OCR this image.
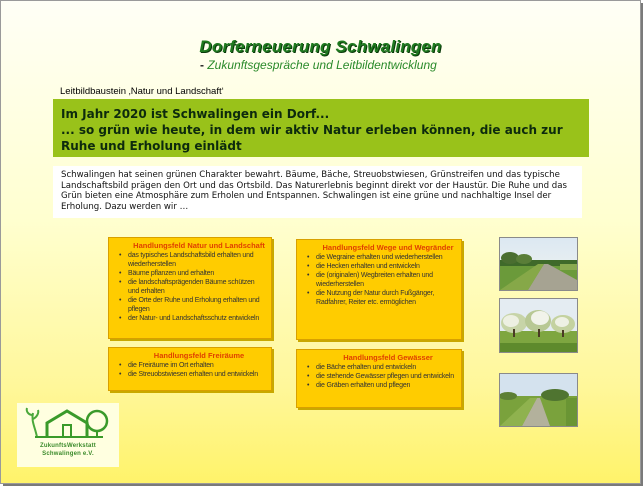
Dorferneuerung Schwalingen
- Zukunftsgespräche und Leitbildentwicklung
Leitbildbaustein ‚Natur und Landschaft‘
Im Jahr 2020 ist Schwalingen ein Dorf...
... so grün wie heute, in dem wir aktiv Natur erleben können, die auch zur
Ruhe und Erholung einlädt
Schwalingen hat seinen grünen Charakter bewahrt. Bäume, Bäche, Streuobstwiesen, Grünstreifen und das typische Landschaftsbild prägen den Ort und das Ortsbild. Das Naturerlebnis beginnt direkt vor der Haustür. Die Ruhe und das Grün bieten eine Atmosphäre zum Erholen und Entspannen. Schwalingen ist eine grüne und nachhaltige Insel der Erholung. Dazu werden wir …
Handlungsfeld Natur und Landschaft
• das typisches Landschaftsbild erhalten und wiederherstellen
• Bäume pflanzen und erhalten
• die landschaftsprägenden Bäume schützen und erhalten
• die Orte der Ruhe und Erholung erhalten und pflegen
• der Natur- und Landschaftsschutz entwickeln
Handlungsfeld Freiräume
• die Freiräume im Ort erhalten
• die Streuobstwiesen erhalten und entwickeln
Handlungsfeld Wege und Wegränder
• die Wegraine erhalten und wiederherstellen
• die Hecken erhalten und entwickeln
• die (originalen) Wegbreiten erhalten und wiederherstellen
• die Nutzung der Natur durch Fußgänger, Radfahrer, Reiter etc. ermöglichen
Handlungsfeld Gewässer
• die Bäche erhalten und entwickeln
• die stehende Gewässer pflegen und entwickeln
• die Gräben erhalten und pflegen
ZukunftsWerkstatt
Schwalingen e.V.
